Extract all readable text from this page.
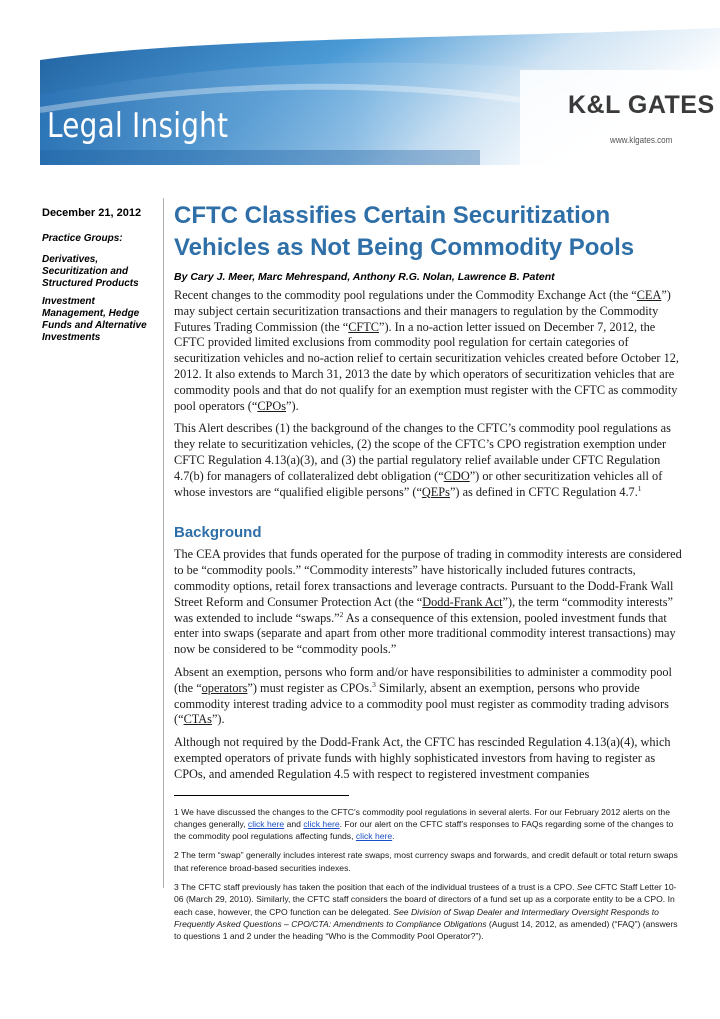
Legal Insight
K&L GATES
www.klgates.com
December 21, 2012
Practice Groups:
Derivatives, Securitization and Structured Products
Investment Management, Hedge Funds and Alternative Investments
CFTC Classifies Certain Securitization Vehicles as Not Being Commodity Pools
By Cary J. Meer, Marc Mehrespand, Anthony R.G. Nolan, Lawrence B. Patent

Recent changes to the commodity pool regulations under the Commodity Exchange Act (the “CEA”) may subject certain securitization transactions and their managers to regulation by the Commodity Futures Trading Commission (the “CFTC”). In a no-action letter issued on December 7, 2012, the CFTC provided limited exclusions from commodity pool regulation for certain categories of securitization vehicles and no-action relief to certain securitization vehicles created before October 12, 2012. It also extends to March 31, 2013 the date by which operators of securitization vehicles that are commodity pools and that do not qualify for an exemption must register with the CFTC as commodity pool operators (“CPOs”).

This Alert describes (1) the background of the changes to the CFTC’s commodity pool regulations as they relate to securitization vehicles, (2) the scope of the CFTC’s CPO registration exemption under CFTC Regulation 4.13(a)(3), and (3) the partial regulatory relief available under CFTC Regulation 4.7(b) for managers of collateralized debt obligation (“CDO”) or other securitization vehicles all of whose investors are “qualified eligible persons” (“QEPs”) as defined in CFTC Regulation 4.7.$^1$

Background

The CEA provides that funds operated for the purpose of trading in commodity interests are considered to be “commodity pools.” “Commodity interests” have historically included futures contracts, commodity options, retail forex transactions and leverage contracts. Pursuant to the Dodd-Frank Wall Street Reform and Consumer Protection Act (the “Dodd-Frank Act”), the term “commodity interests” was extended to include “swaps.”$^2$ As a consequence of this extension, pooled investment funds that enter into swaps (separate and apart from other more traditional commodity interest transactions) may now be considered to be “commodity pools.”

Absent an exemption, persons who form and/or have responsibilities to administer a commodity pool (the “operators”) must register as CPOs.$^3$ Similarly, absent an exemption, persons who provide commodity interest trading advice to a commodity pool must register as commodity trading advisors (“CTAs”).

Although not required by the Dodd-Frank Act, the CFTC has rescinded Regulation 4.13(a)(4), which exempted operators of private funds with highly sophisticated investors from having to register as CPOs, and amended Regulation 4.5 with respect to registered investment companies

1 We have discussed the changes to the CFTC’s commodity pool regulations in several alerts. For our February 2012 alerts on the changes generally, click here and click here. For our alert on the CFTC staff’s responses to FAQs regarding some of the changes to the commodity pool regulations affecting funds, click here.

2 The term “swap” generally includes interest rate swaps, most currency swaps and forwards, and credit default or total return swaps that reference broad-based securities indexes.

3 The CFTC staff previously has taken the position that each of the individual trustees of a trust is a CPO. See CFTC Staff Letter 10-06 (March 29, 2010). Similarly, the CFTC staff considers the board of directors of a fund set up as a corporate entity to be a CPO. In each case, however, the CPO function can be delegated. See Division of Swap Dealer and Intermediary Oversight Responds to Frequently Asked Questions – CPO/CTA: Amendments to Compliance Obligations (August 14, 2012, as amended) (“FAQ”) (answers to questions 1 and 2 under the heading “Who is the Commodity Pool Operator?”).
